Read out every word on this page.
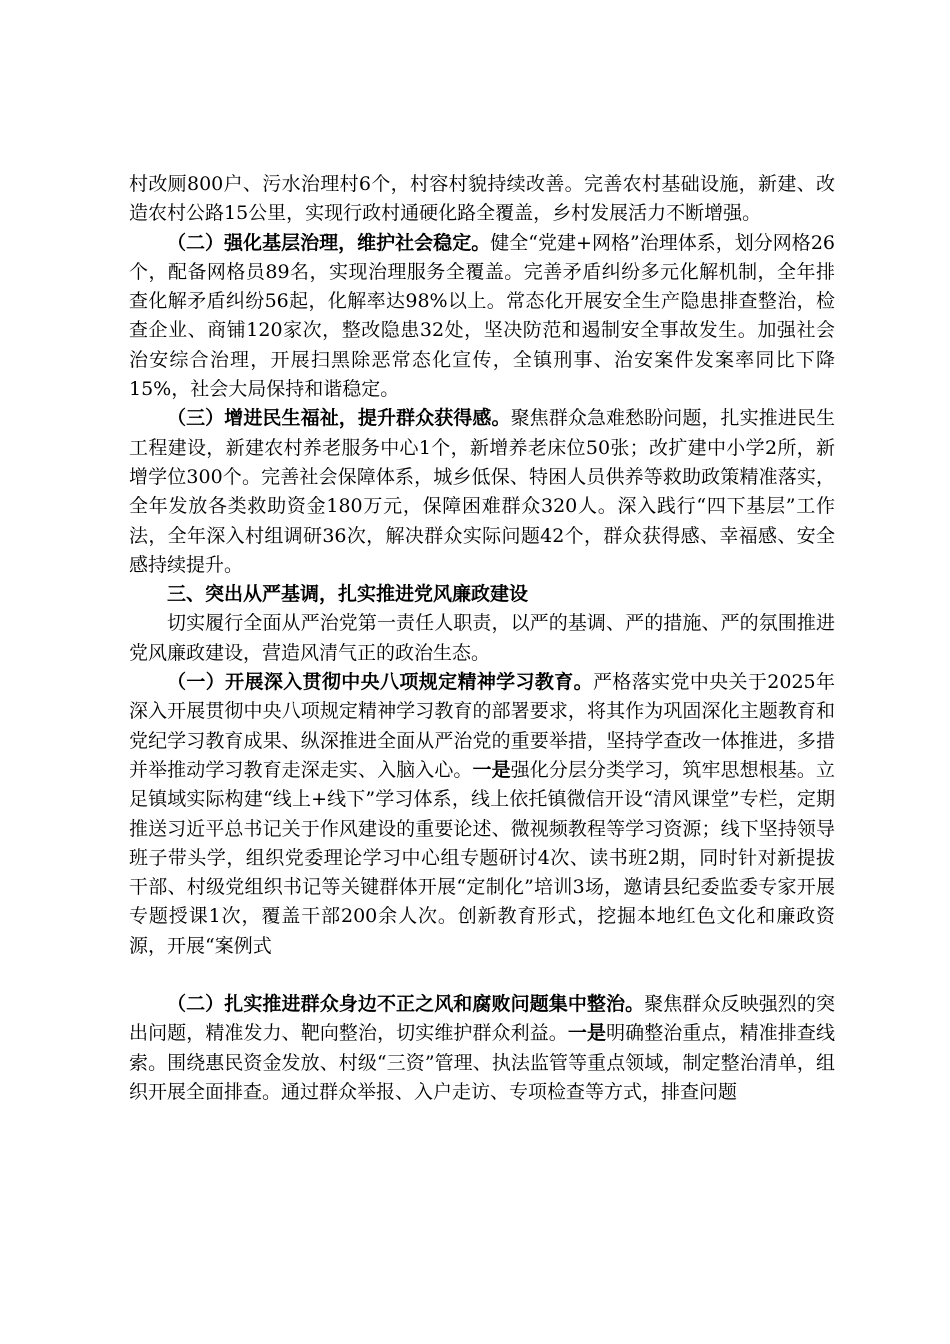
村改厕800户、污水治理村6个，村容村貌持续改善。完善农村基础设施，新建、改造农村公路15公里，实现行政村通硬化路全覆盖，乡村发展活力不断增强。

（二）强化基层治理，维护社会稳定。健全“党建+网格”治理体系，划分网格26个，配备网格员89名，实现治理服务全覆盖。完善矛盾纠纷多元化解机制，全年排查化解矛盾纠纷56起，化解率达98%以上。常态化开展安全生产隐患排查整治，检查企业、商铺120家次，整改隐患32处，坚决防范和遏制安全事故发生。加强社会治安综合治理，开展扫黑除恶常态化宣传，全镇刑事、治安案件发案率同比下降15%，社会大局保持和谐稳定。

（三）增进民生福祉，提升群众获得感。聚焦群众急难愁盼问题，扎实推进民生工程建设，新建农村养老服务中心1个，新增养老床位50张；改扩建中小学2所，新增学位300个。完善社会保障体系，城乡低保、特困人员供养等救助政策精准落实，全年发放各类救助资金180万元，保障困难群众320人。深入践行“四下基层”工作法，全年深入村组调研36次，解决群众实际问题42个，群众获得感、幸福感、安全感持续提升。

三、突出从严基调，扎实推进党风廉政建设

切实履行全面从严治党第一责任人职责，以严的基调、严的措施、严的氛围推进党风廉政建设，营造风清气正的政治生态。

（一）开展深入贯彻中央八项规定精神学习教育。严格落实党中央关于2025年深入开展贯彻中央八项规定精神学习教育的部署要求，将其作为巩固深化主题教育和党纪学习教育成果、纵深推进全面从严治党的重要举措，坚持学查改一体推进，多措并举推动学习教育走深走实、入脑入心。一是强化分层分类学习，筑牢思想根基。立足镇域实际构建“线上+线下”学习体系，线上依托镇微信开设“清风课堂”专栏，定期推送习近平总书记关于作风建设的重要论述、微视频教程等学习资源；线下坚持领导班子带头学，组织党委理论学习中心组专题研讨4次、读书班2期，同时针对新提拔干部、村级党组织书记等关键群体开展“定制化”培训3场，邀请县纪委监委专家开展专题授课1次，覆盖干部200余人次。创新教育形式，挖掘本地红色文化和廉政资源，开展“案例式

（二）扎实推进群众身边不正之风和腐败问题集中整治。聚焦群众反映强烈的突出问题，精准发力、靶向整治，切实维护群众利益。一是明确整治重点，精准排查线索。围绕惠民资金发放、村级“三资”管理、执法监管等重点领域，制定整治清单，组织开展全面排查。通过群众举报、入户走访、专项检查等方式，排查问题
